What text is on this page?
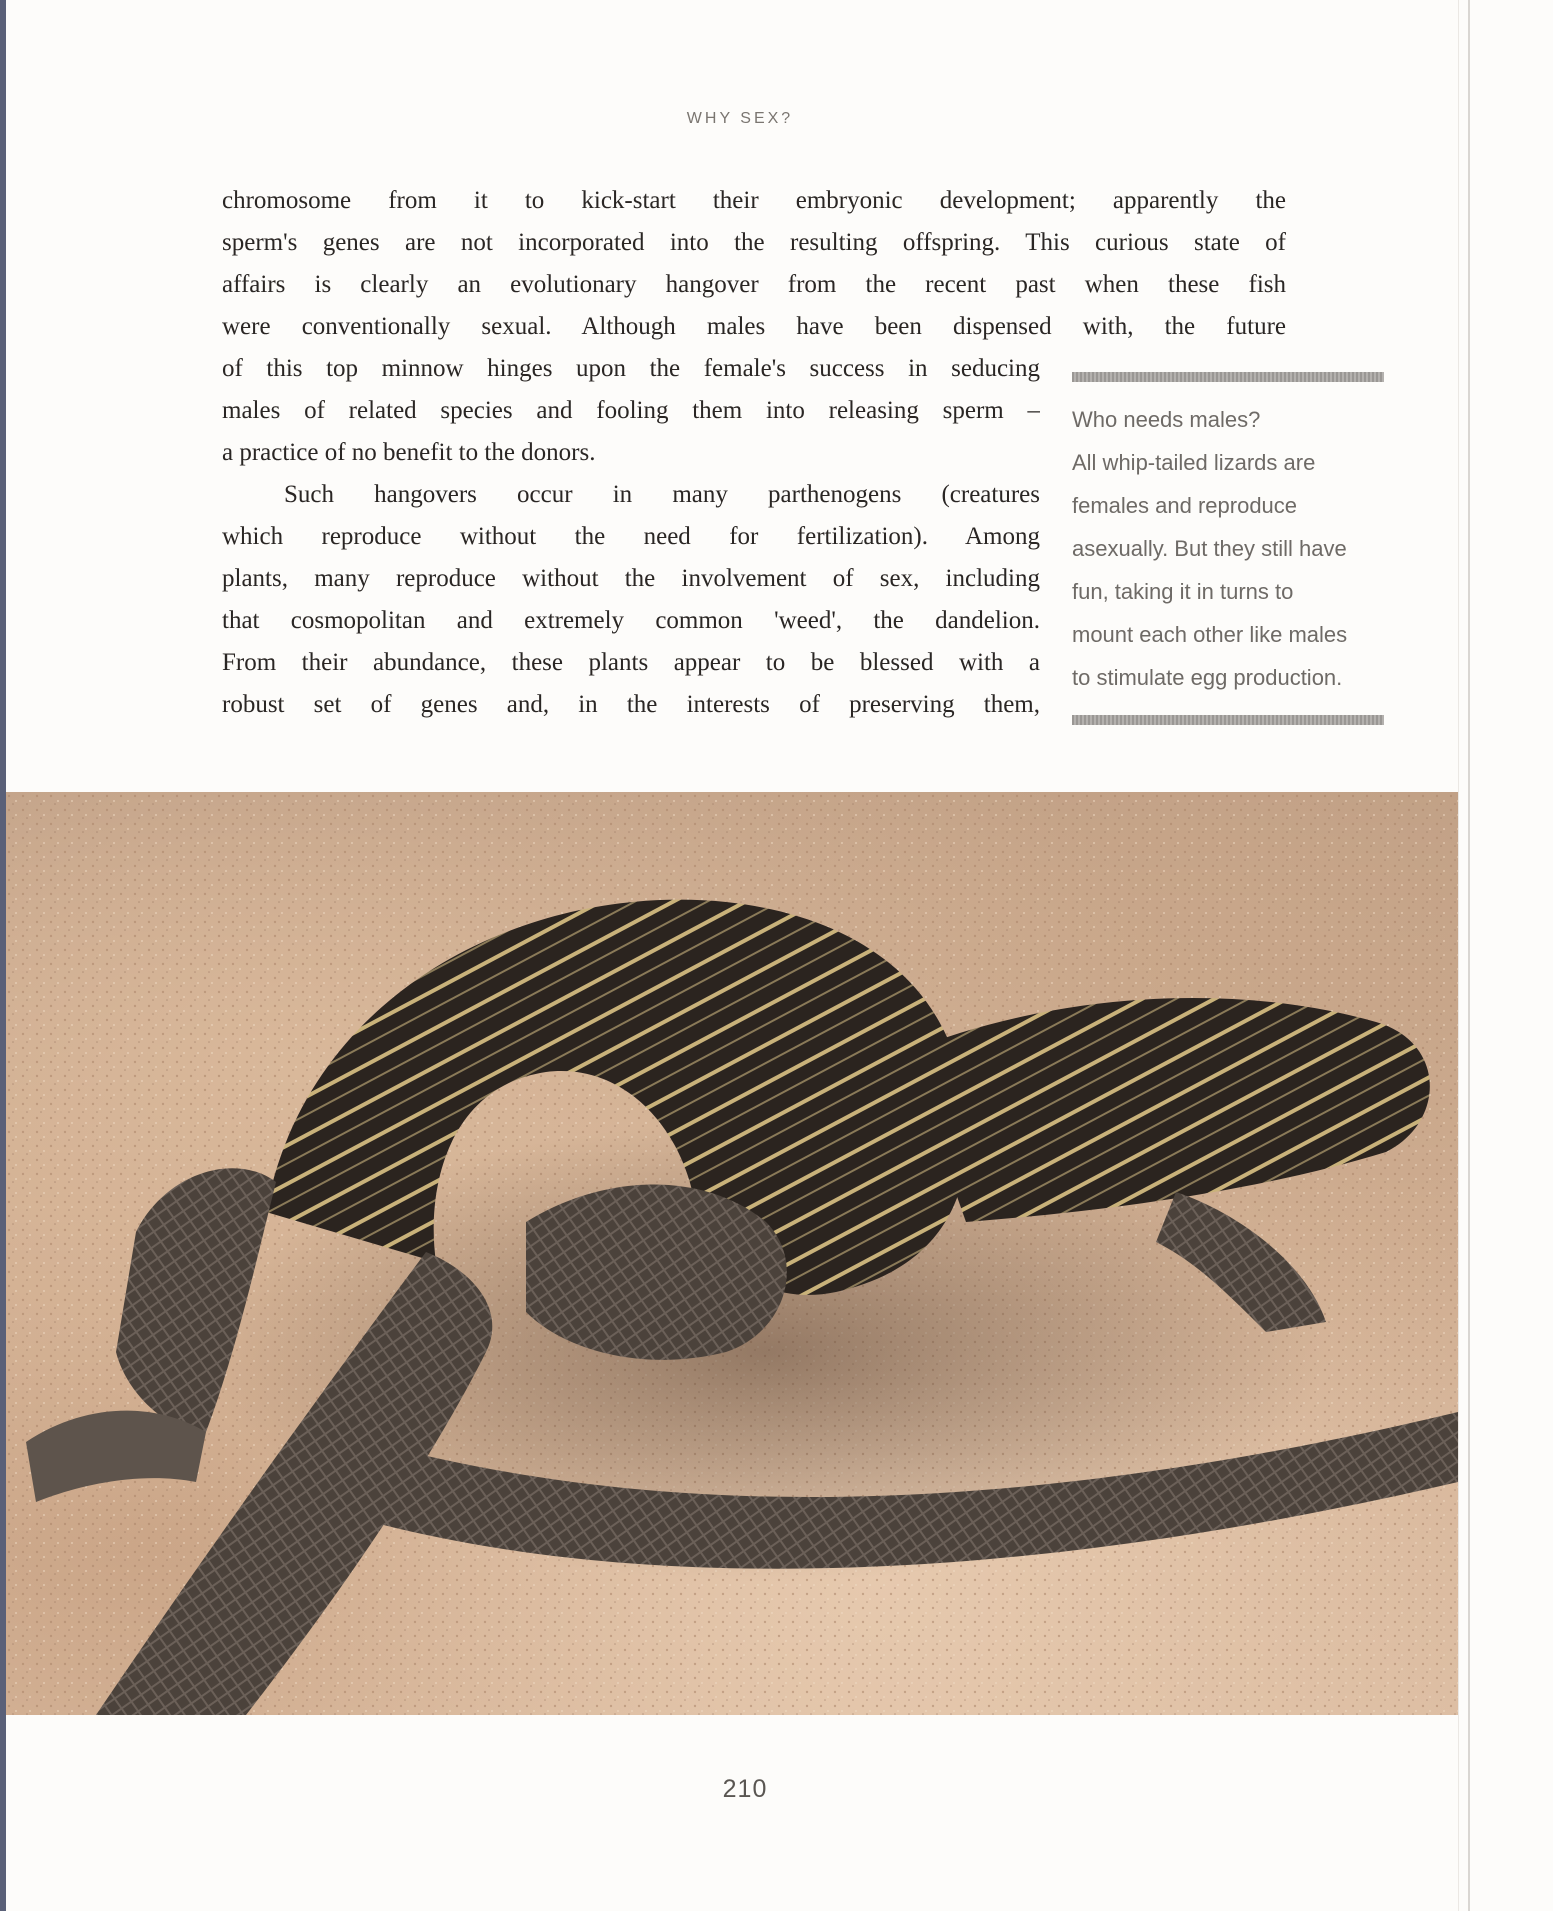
WHY SEX?
chromosome from it to kick-start their embryonic development; apparently the
sperm's genes are not incorporated into the resulting offspring. This curious state of
affairs is clearly an evolutionary hangover from the recent past when these fish
were conventionally sexual. Although males have been dispensed with, the future
of this top minnow hinges upon the female's success in seducing
males of related species and fooling them into releasing sperm –
a practice of no benefit to the donors.
Such hangovers occur in many parthenogens (creatures
which reproduce without the need for fertilization). Among
plants, many reproduce without the involvement of sex, including
that cosmopolitan and extremely common 'weed', the dandelion.
From their abundance, these plants appear to be blessed with a
robust set of genes and, in the interests of preserving them,
Who needs males?
All whip-tailed lizards are
females and reproduce
asexually. But they still have
fun, taking it in turns to
mount each other like males
to stimulate egg production.
210
